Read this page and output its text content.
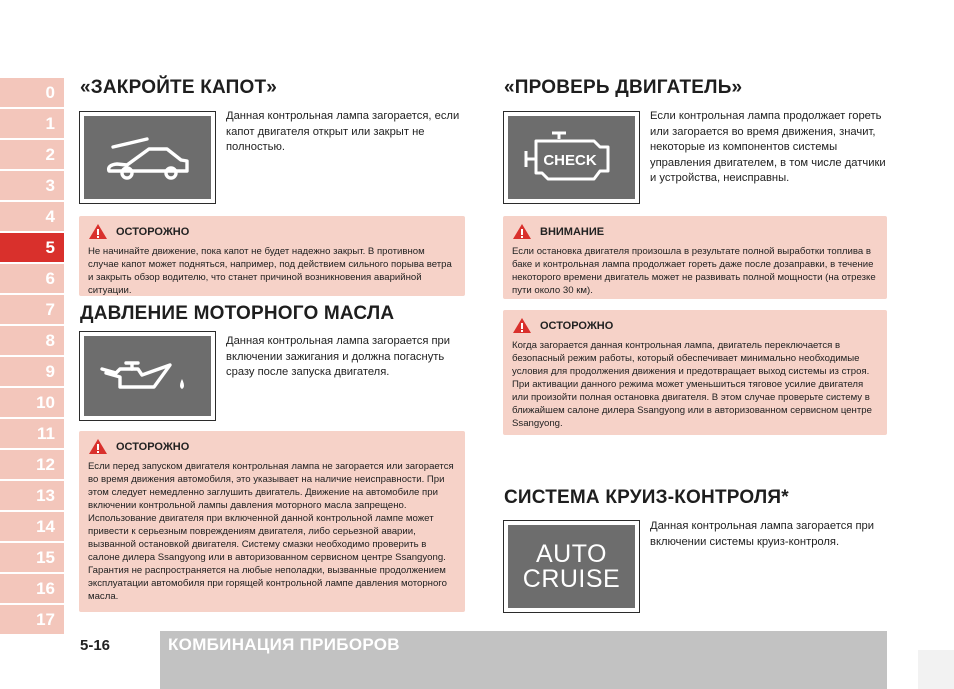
0
1
2
3
4
5
6
7
8
9
10
11
12
13
14
15
16
17
«ЗАКРОЙТЕ КАПОТ»

Данная контрольная лампа загорается, если капот двигателя открыт или закрыт не полностью.

ОСТОРОЖНО

Не начинайте движение, пока капот не будет надежно закрыт. В противном случае капот может подняться, например, под действием сильного порыва ветра и закрыть обзор водителю, что станет причиной возникновения аварийной ситуации.

ДАВЛЕНИЕ МОТОРНОГО МАСЛА

Данная контрольная лампа загорается при включении зажигания и должна погаснуть сразу после запуска двигателя.

ОСТОРОЖНО

Если перед запуском двигателя контрольная лампа не загорается или загорается во время движения автомобиля, это указывает на наличие неисправности. При этом следует немедленно заглушить двигатель. Движение на автомобиле при включении контрольной лампы давления моторного масла запрещено. Использование двигателя при включенной данной контрольной лампе может привести к серьезным повреждениям двигателя, либо серьезной аварии, вызванной остановкой двигателя. Систему смазки необходимо проверить в салоне дилера Ssangyong или в авторизованном сервисном центре Ssangyong. Гарантия не распространяется на любые неполадки, вызванные продолжением эксплуатации автомобиля при горящей контрольной лампе давления моторного масла.

«ПРОВЕРЬ ДВИГАТЕЛЬ»
CHECK

Если контрольная лампа продолжает гореть или загорается во время движения, значит, некоторые из компонентов системы управления двигателем, в том числе датчики и устройства, неисправны.

ВНИМАНИЕ

Если остановка двигателя произошла в результате полной выработки топлива в баке и контрольная лампа продолжает гореть даже после дозаправки, в течение некоторого времени двигатель может не развивать полной мощности (на отрезке пути около 30 км).

ОСТОРОЖНО

Когда загорается данная контрольная лампа, двигатель переключается в безопасный режим работы, который обеспечивает минимально необходимые условия для продолжения движения и предотвращает выход системы из строя. При активации данного режима может уменьшиться тяговое усилие двигателя или произойти полная остановка двигателя. В этом случае проверьте систему в ближайшем салоне дилера Ssangyong или в авторизованном сервисном центре Ssangyong.

СИСТЕМА КРУИЗ-КОНТРОЛЯ*
AUTO
CRUISE

Данная контрольная лампа загорается при включении системы круиз-контроля.

5-16	КОМБИНАЦИЯ ПРИБОРОВ
